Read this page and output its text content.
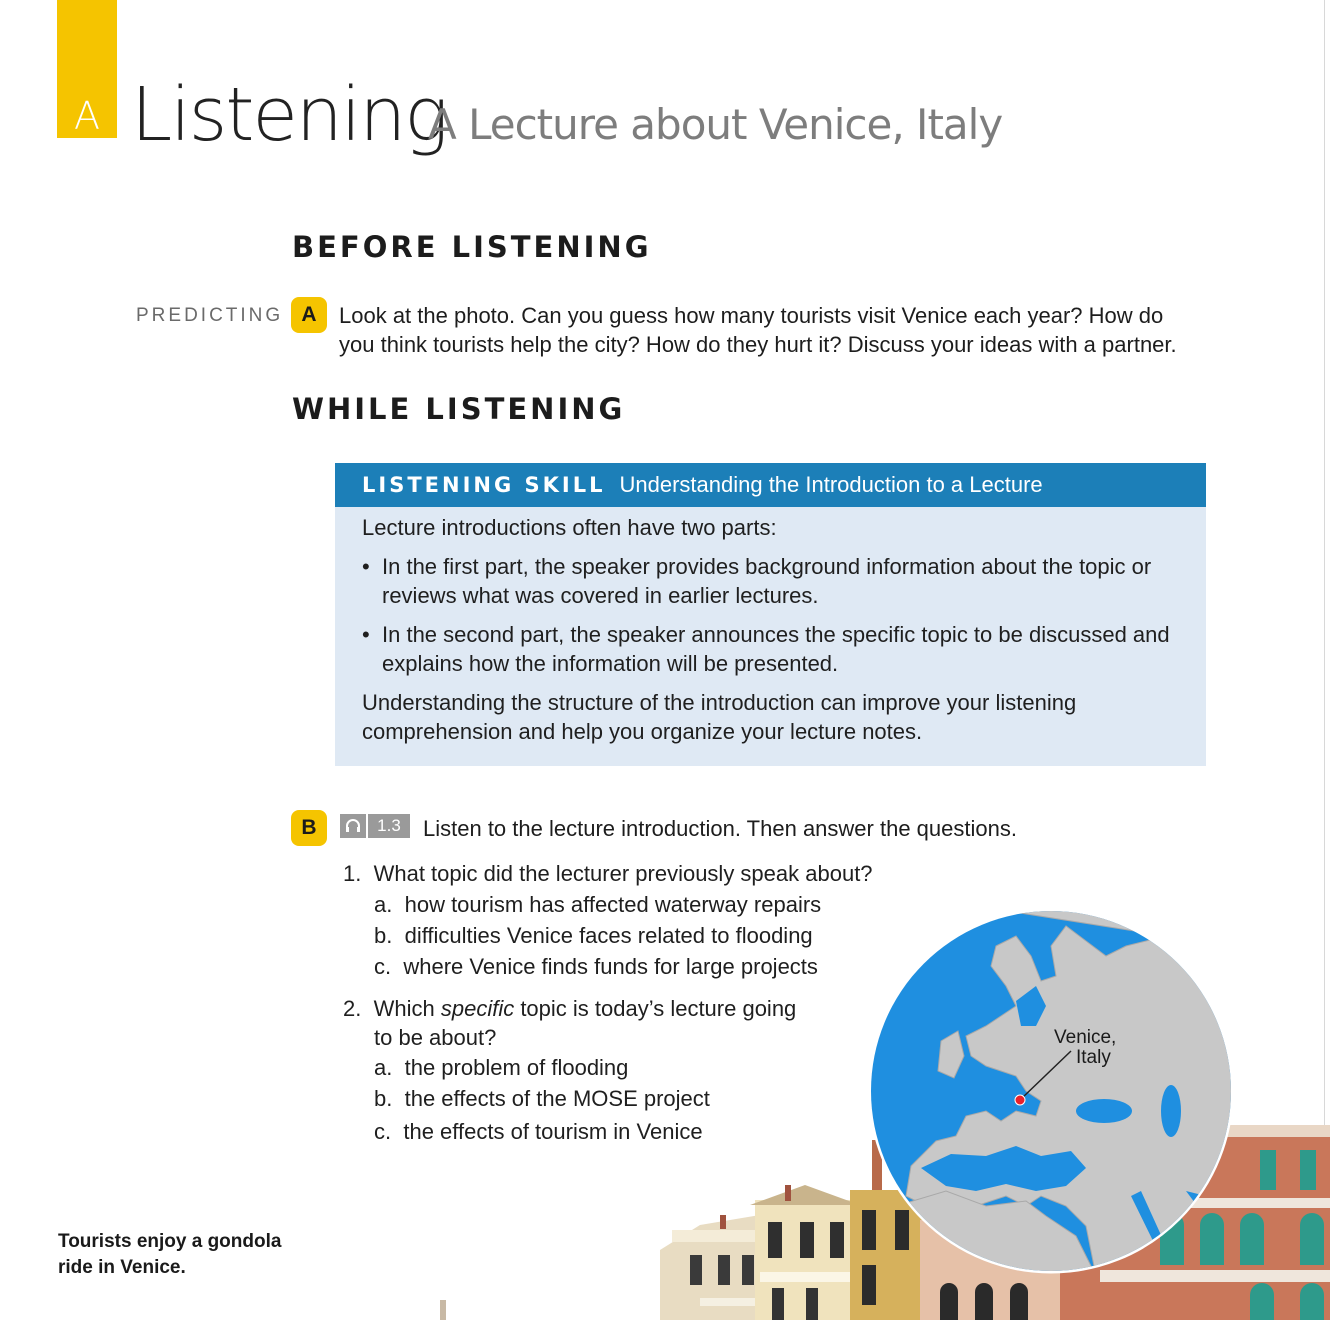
A Listening
A Lecture about Venice, Italy
BEFORE LISTENING
PREDICTING A	Look at the photo. Can you guess how many tourists visit Venice each year? How do
you think tourists help the city? How do they hurt it? Discuss your ideas with a partner.
WHILE LISTENING
LISTENING SKILL Understanding the Introduction to a Lecture

Lecture introductions often have two parts:

• In the first part, the speaker provides background information about the topic or reviews what was covered in earlier lectures.
• In the second part, the speaker announces the specific topic to be discussed and explains how the information will be presented.

Understanding the structure of the introduction can improve your listening comprehension and help you organize your lecture notes.

B	1.3	Listen to the lecture introduction. Then answer the questions.
1. What topic did the lecturer previously speak about?
a. how tourism has affected waterway repairs
b. difficulties Venice faces related to flooding
c. where Venice finds funds for large projects
2. Which specific topic is today’s lecture going
to be about?
a. the problem of flooding
b. the effects of the MOSE project
c. the effects of tourism in Venice
Venice,
Italy
Tourists enjoy a gondola
ride in Venice.
